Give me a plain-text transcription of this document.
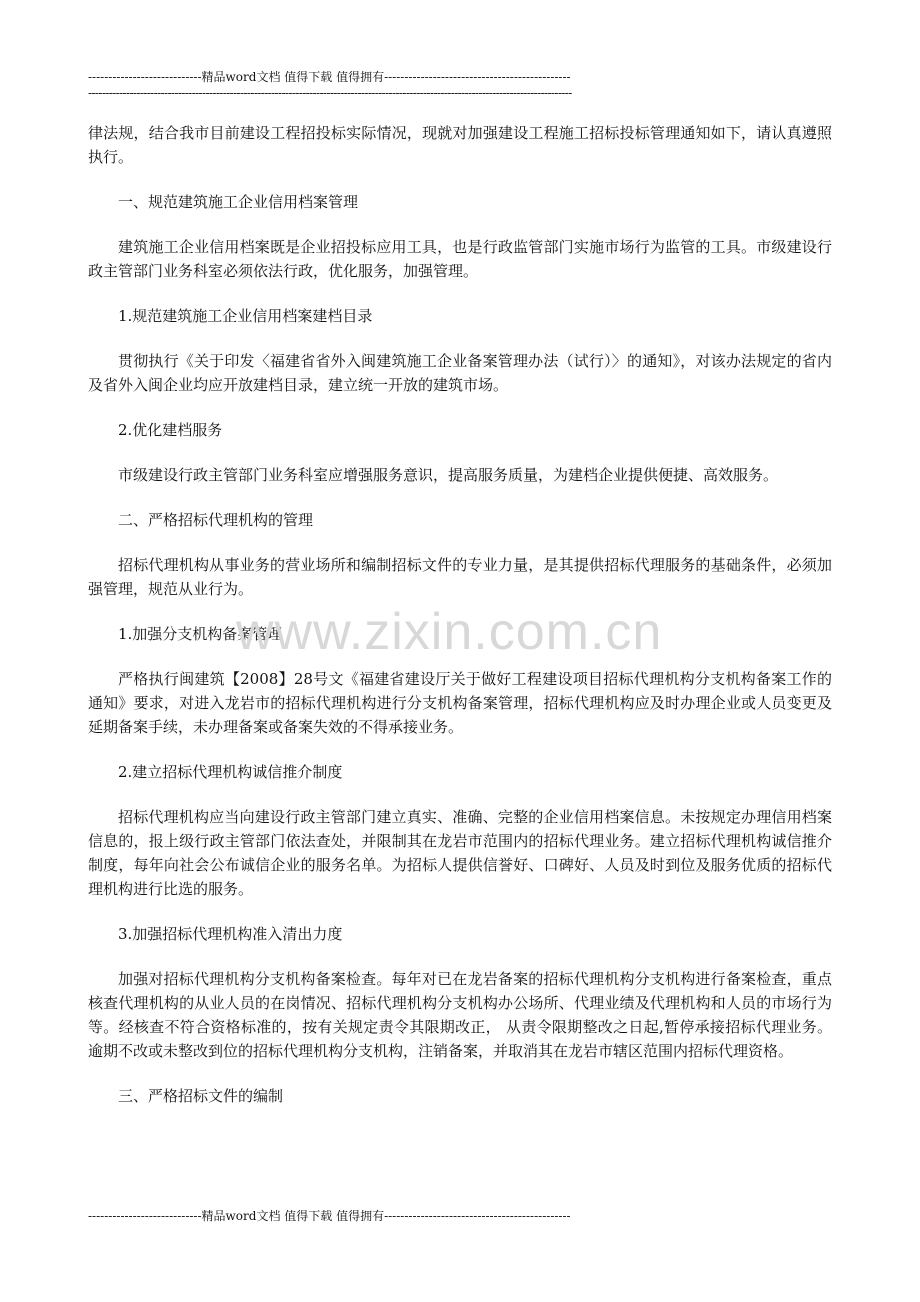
----------------------------精品word文档 值得下载 值得拥有----------------------------------------------
--------------------------------------------------------------------------------------------------------------------------------------------

律法规，结合我市目前建设工程招投标实际情况，现就对加强建设工程施工招标投标管理通知如下，请认真遵照执行。

一、规范建筑施工企业信用档案管理

建筑施工企业信用档案既是企业招投标应用工具，也是行政监管部门实施市场行为监管的工具。市级建设行政主管部门业务科室必须依法行政，优化服务，加强管理。

1.规范建筑施工企业信用档案建档目录

贯彻执行《关于印发〈福建省省外入闽建筑施工企业备案管理办法（试行）〉的通知》，对该办法规定的省内及省外入闽企业均应开放建档目录，建立统一开放的建筑市场。

2.优化建档服务

市级建设行政主管部门业务科室应增强服务意识，提高服务质量，为建档企业提供便捷、高效服务。

二、严格招标代理机构的管理

招标代理机构从事业务的营业场所和编制招标文件的专业力量，是其提供招标代理服务的基础条件，必须加强管理，规范从业行为。

1.加强分支机构备案管理

严格执行闽建筑【2008】28号文《福建省建设厅关于做好工程建设项目招标代理机构分支机构备案工作的通知》要求，对进入龙岩市的招标代理机构进行分支机构备案管理，招标代理机构应及时办理企业或人员变更及延期备案手续，未办理备案或备案失效的不得承接业务。

2.建立招标代理机构诚信推介制度

招标代理机构应当向建设行政主管部门建立真实、准确、完整的企业信用档案信息。未按规定办理信用档案信息的，报上级行政主管部门依法查处，并限制其在龙岩市范围内的招标代理业务。建立招标代理机构诚信推介制度，每年向社会公布诚信企业的服务名单。为招标人提供信誉好、口碑好、人员及时到位及服务优质的招标代理机构进行比选的服务。

3.加强招标代理机构准入清出力度

加强对招标代理机构分支机构备案检查。每年对已在龙岩备案的招标代理机构分支机构进行备案检查，重点核查代理机构的从业人员的在岗情况、招标代理机构分支机构办公场所、代理业绩及代理机构和人员的市场行为等。经核查不符合资格标准的，按有关规定责令其限期改正， 从责令限期整改之日起,暂停承接招标代理业务。逾期不改或未整改到位的招标代理机构分支机构，注销备案，并取消其在龙岩市辖区范围内招标代理资格。

三、严格招标文件的编制

www.zixin.com.cn
----------------------------精品word文档 值得下载 值得拥有----------------------------------------------
